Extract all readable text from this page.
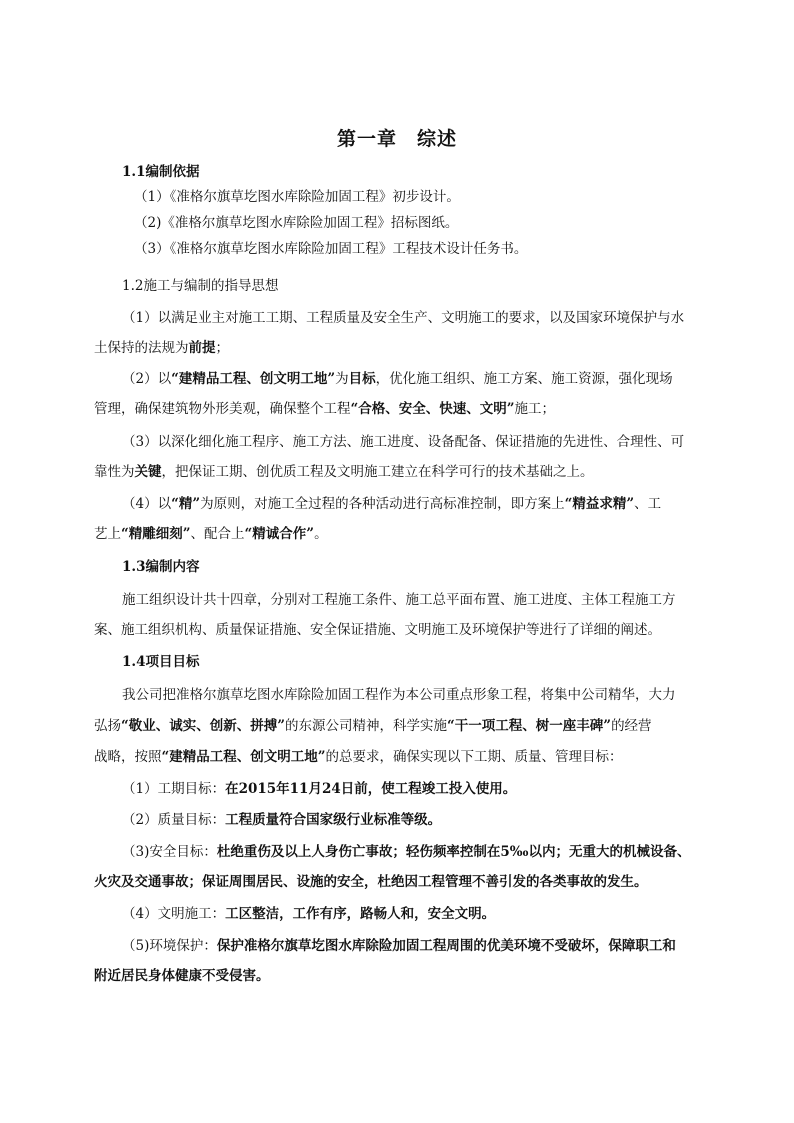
第一章　综述
1.1编制依据
（1）《准格尔旗草圪图水库除险加固工程》初步设计。
（2)《准格尔旗草圪图水库除险加固工程》招标图纸。
（3）《准格尔旗草圪图水库除险加固工程》工程技术设计任务书。
1.2施工与编制的指导思想
（1）以满足业主对施工工期、工程质量及安全生产、文明施工的要求，以及国家环境保护与水
土保持的法规为前提；
（2）以“建精品工程、创文明工地”为目标，优化施工组织、施工方案、施工资源，强化现场
管理，确保建筑物外形美观，确保整个工程“合格、安全、快速、文明”施工；
（3）以深化细化施工程序、施工方法、施工进度、设备配备、保证措施的先进性、合理性、可
靠性为关键，把保证工期、创优质工程及文明施工建立在科学可行的技术基础之上。
（4）以“精”为原则，对施工全过程的各种活动进行高标准控制，即方案上“精益求精”、工
艺上“精雕细刻”、配合上“精诚合作”。
1.3编制内容
施工组织设计共十四章，分别对工程施工条件、施工总平面布置、施工进度、主体工程施工方
案、施工组织机构、质量保证措施、安全保证措施、文明施工及环境保护等进行了详细的阐述。
1.4项目目标
我公司把准格尔旗草圪图水库除险加固工程作为本公司重点形象工程，将集中公司精华，大力
弘扬“敬业、诚实、创新、拼搏”的东源公司精神，科学实施“干一项工程、树一座丰碑”的经营
战略，按照“建精品工程、创文明工地”的总要求，确保实现以下工期、质量、管理目标：
（1）工期目标：在2015年11月24日前，使工程竣工投入使用。
（2）质量目标：工程质量符合国家级行业标准等级。
（3)安全目标：杜绝重伤及以上人身伤亡事故；轻伤频率控制在5‰以内；无重大的机械设备、
火灾及交通事故；保证周围居民、设施的安全，杜绝因工程管理不善引发的各类事故的发生。
（4）文明施工：工区整洁，工作有序，路畅人和，安全文明。
（5)环境保护：保护准格尔旗草圪图水库除险加固工程周围的优美环境不受破坏，保障职工和
附近居民身体健康不受侵害。
